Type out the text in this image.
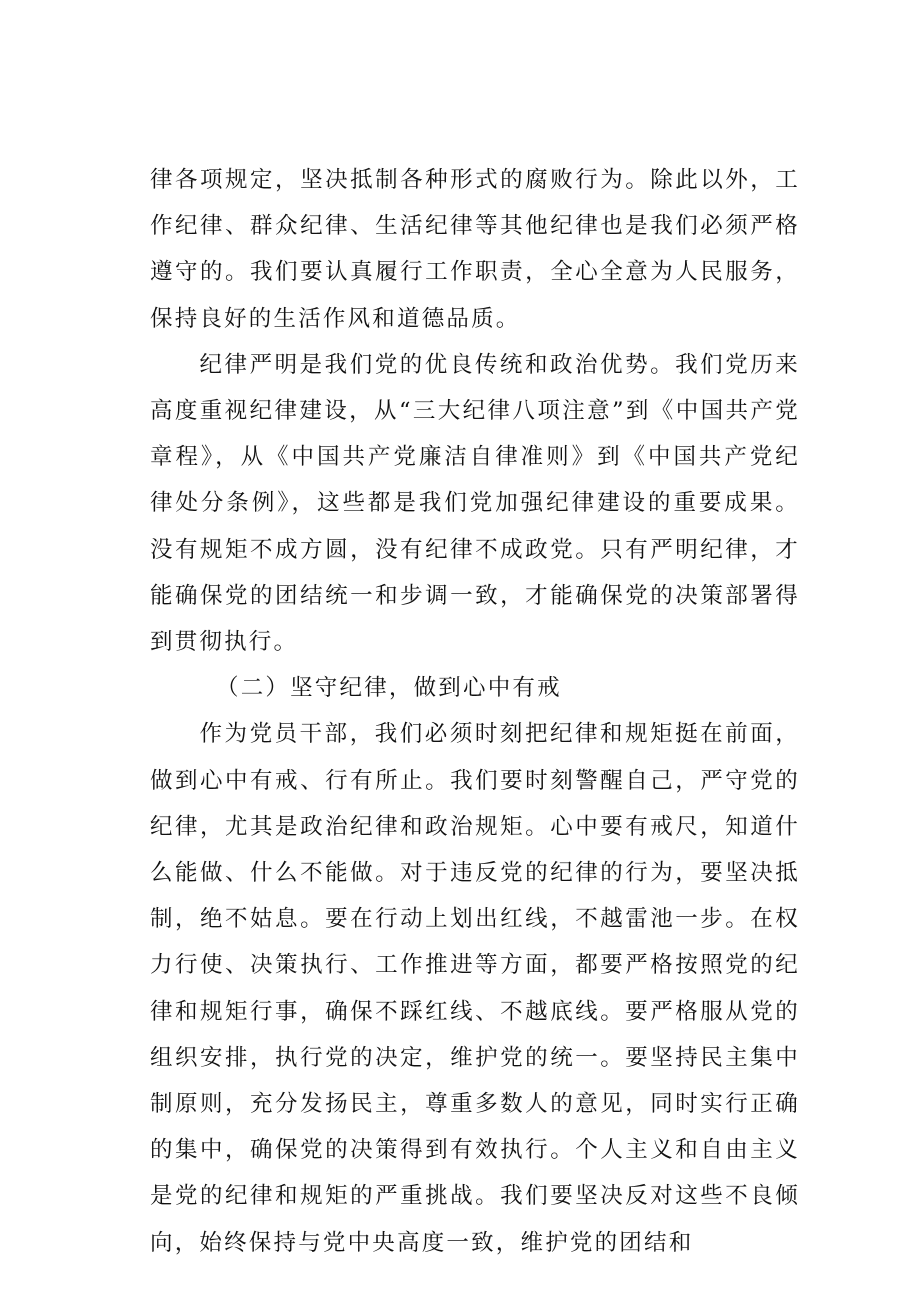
律各项规定，坚决抵制各种形式的腐败行为。除此以外，工作纪律、群众纪律、生活纪律等其他纪律也是我们必须严格遵守的。我们要认真履行工作职责，全心全意为人民服务，保持良好的生活作风和道德品质。

纪律严明是我们党的优良传统和政治优势。我们党历来高度重视纪律建设，从“三大纪律八项注意”到《中国共产党章程》，从《中国共产党廉洁自律准则》到《中国共产党纪律处分条例》，这些都是我们党加强纪律建设的重要成果。没有规矩不成方圆，没有纪律不成政党。只有严明纪律，才能确保党的团结统一和步调一致，才能确保党的决策部署得到贯彻执行。

（二）坚守纪律，做到心中有戒

作为党员干部，我们必须时刻把纪律和规矩挺在前面，做到心中有戒、行有所止。我们要时刻警醒自己，严守党的纪律，尤其是政治纪律和政治规矩。心中要有戒尺，知道什么能做、什么不能做。对于违反党的纪律的行为，要坚决抵制，绝不姑息。要在行动上划出红线，不越雷池一步。在权力行使、决策执行、工作推进等方面，都要严格按照党的纪律和规矩行事，确保不踩红线、不越底线。要严格服从党的组织安排，执行党的决定，维护党的统一。要坚持民主集中制原则，充分发扬民主，尊重多数人的意见，同时实行正确的集中，确保党的决策得到有效执行。个人主义和自由主义是党的纪律和规矩的严重挑战。我们要坚决反对这些不良倾向，始终保持与党中央高度一致，维护党的团结和
